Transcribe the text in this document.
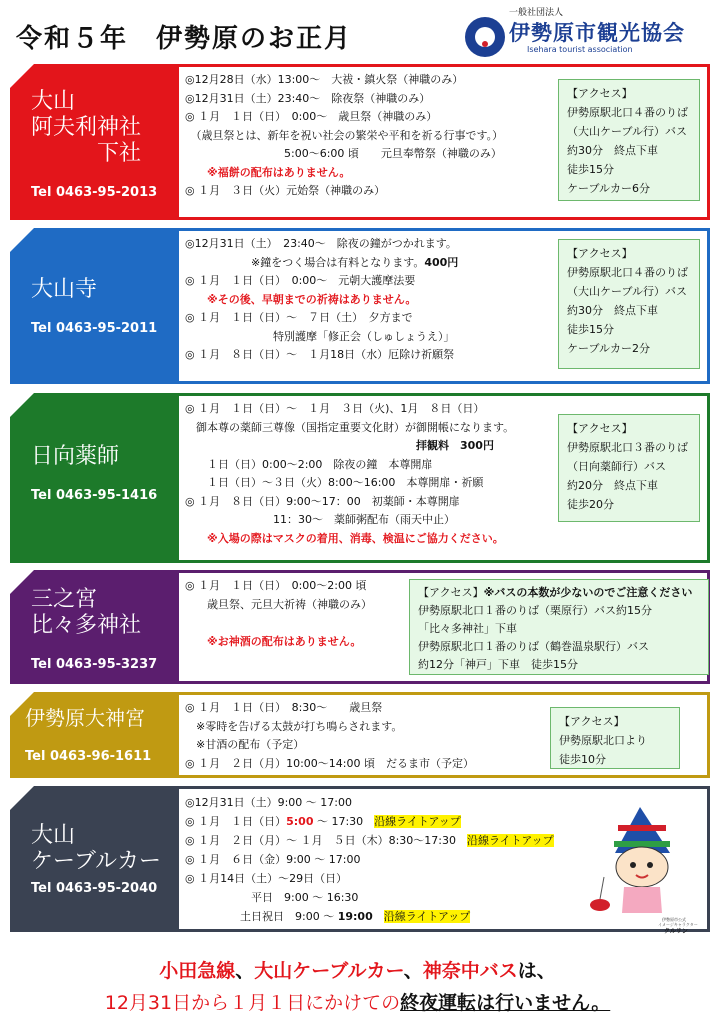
令和５年　伊勢原のお正月
一般社団法人
伊勢原市観光協会
Isehara tourist association
大山
阿夫利神社
　　　下社
Tel 0463-95-2013
◎12月28日（水）13:00～　大祓・鎮火祭（神職のみ）
◎12月31日（土）23:40～　除夜祭（神職のみ）
◎ １月　１日（日）　0:00～　歳旦祭（神職のみ）
　（歳旦祭とは、新年を祝い社会の繁栄や平和を祈る行事です。）
　　　　　　　　　5:00～6:00 頃　　元旦奉幣祭（神職のみ）
　　※福餅の配布はありません。
◎ １月　３日（火）元始祭（神職のみ）
【アクセス】
伊勢原駅北口４番のりば
（大山ケーブル行）バス
約30分　終点下車
徒歩15分
ケーブルカー6分
大山寺
Tel 0463-95-2011
◎12月31日（土）　23:40～　除夜の鐘がつかれます。
　　　　　　※鐘をつく場合は有料となります。400円
◎ １月　１日（日）　0:00～　元朝大護摩法要
　　※その後、早朝までの祈祷はありません。
◎ １月　１日（日）～　７日（土）　夕方まで
　　　　　　　　特別護摩「修正会（しゅしょうえ）」
◎ １月　８日（日）～　１月18日（水）厄除け祈願祭
【アクセス】
伊勢原駅北口４番のりば
（大山ケーブル行）バス
約30分　終点下車
徒歩15分
ケーブルカー2分
日向薬師
Tel 0463-95-1416
◎ １月　１日（日）～　１月　３日（火)、1月　８日（日）
　御本尊の薬師三尊像（国指定重要文化財）が御開帳になります。
　　　　　　　　　　　　　　　　　　　　　拝観料　300円
　　１日（日）0:00～2:00　除夜の鐘　本尊開扉
　　１日（日）～３日（火）8:00～16:00　本尊開扉・祈願
◎ １月　８日（日）9:00～17：00　初薬師・本尊開扉
　　　　　　　　11：30～　薬師粥配布（雨天中止）
　　※入場の際はマスクの着用、消毒、検温にご協力ください。
【アクセス】
伊勢原駅北口３番のりば
（日向薬師行）バス
約20分　終点下車
徒歩20分
三之宮
比々多神社
Tel 0463-95-3237
◎ １月　１日（日）　0:00～2:00 頃
　　歳旦祭、元旦大祈祷（神職のみ）

　　※お神酒の配布はありません。
【アクセス】※バスの本数が少ないのでご注意ください
伊勢原駅北口１番のりば（栗原行）バス約15分
「比々多神社」下車
伊勢原駅北口１番のりば（鶴巻温泉駅行）バス
約12分「神戸」下車　徒歩15分
伊勢原大神宮
Tel 0463-96-1611
◎ １月　１日（日）　8:30～　　歳旦祭
　※零時を告げる太鼓が打ち鳴らされます。
　※甘酒の配布（予定）
◎ １月　２日（月）10:00～14:00 頃　だるま市（予定）
【アクセス】
伊勢原駅北口より
徒歩10分
大山
ケーブルカー
Tel 0463-95-2040
◎12月31日（土）9:00 ～ 17:00
◎ １月　１日（日）5:00 ～ 17:30　 沿線ライトアップ
◎ １月　２日（月）～ １月　５日（木）8:30～17:30　 沿線ライトアップ
◎ １月　６日（金）9:00 ～ 17:00
◎ １月14日（土）～29日（日）
　　　　　　平日　9:00 ～ 16:30
　　　　　土日祝日　9:00 ～ 19:00　 沿線ライトアップ	伊勢原市公式
イメージキャラクター
クルリン
小田急線、大山ケーブルカー、神奈中バスは、
12月31日から１月１日にかけての終夜運転は行いません。
